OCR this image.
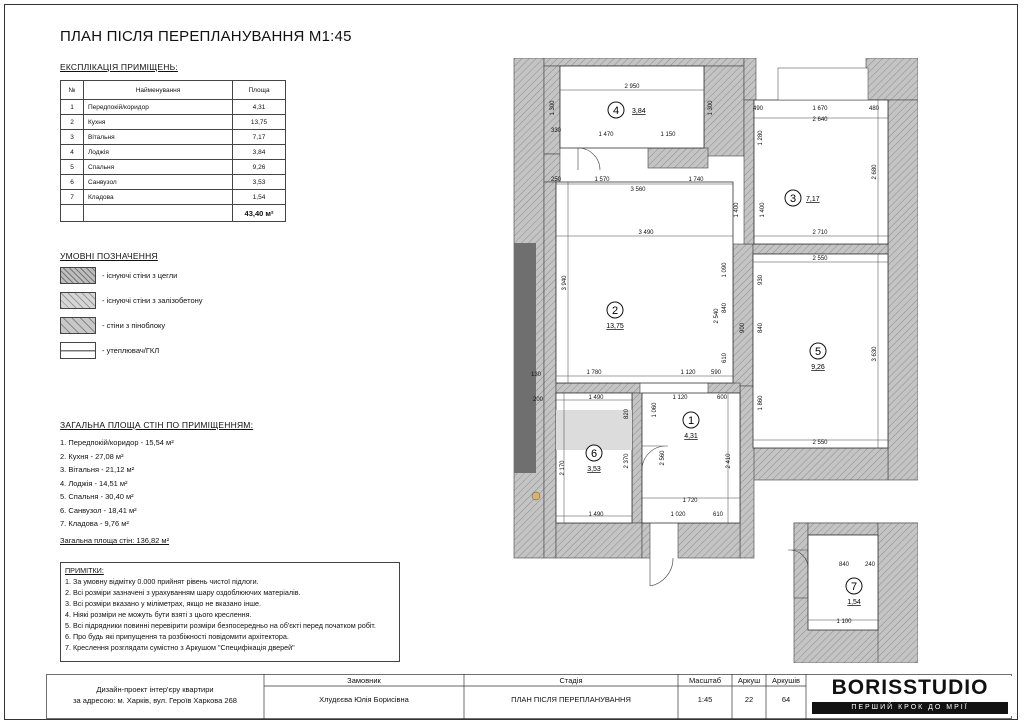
ПЛАН ПІСЛЯ ПЕРЕПЛАНУВАННЯ М1:45
ЕКСПЛІКАЦІЯ ПРИМІЩЕНЬ:
№	Найменування	Площа
1	Передпокій/коридор	4,31
2	Кухня	13,75
3	Вітальня	7,17
4	Лоджія	3,84
5	Спальня	9,26
6	Санвузол	3,53
7	Кладова	1,54
		43,40 м²
УМОВНІ ПОЗНАЧЕННЯ
- існуючі стіни з цегли
- існуючі стіни з залізобетону
- стіни з піноблоку
- утеплювач/ГКЛ
ЗАГАЛЬНА ПЛОЩА СТІН ПО ПРИМІЩЕННЯМ:
1. Передпокій/коридор - 15,54 м²
2. Кухня - 27,08 м²
3. Вітальня - 21,12 м²
4. Лоджія - 14,51 м²
5. Спальня - 30,40 м²
6. Санвузол - 18,41 м²
7. Кладова - 9,76 м²
Загальна площа стін: 136,82 м²
ПРИМІТКИ:
1. За умовну відмітку 0.000 прийнят рівень чистої підлоги.
2. Всі розміри зазначені з урахуванням шару оздоблюючих матеріалів.
3. Всі розміри вказано у міліметрах, якщо не вказано інше.
4. Ніякі розміри не можуть бути взяті з цього креслення.
5. Всі підрядники повинні перевірити розміри безпосередньо на об'єкті перед початком робіт.
6. Про будь які припущення та розбіжності повідомити архітектора.
7. Креслення розглядати сумістно з Аркушом "Специфікація дверей"
2 950
1 300	1 300
330
1 470	1 150
490	1 670	480
2 640
2 680
1 280
1 400	1 400
250	1 570	1 740
3 560
3 490	2 710
3 940
1 090
2 540
840
900
610
1 780	1 120	590
130
2 550
930
840
3 630
1 860
2 550
200	1 490	1 120	600
2 170
820	1 060
2 370	2 410
2 560
1 490
1 720
1 020	610
840	240
1 100
4 3,84
3 7,17
2
13,75
5
9,26
1
4,31
6
3,53
7
1,54
Дизайн-проект інтер'єру квартири
за адресою: м. Харків, вул. Героїв Харкова 268
Замовник
Хлудєєва Юлія Борисівна
Стадія
ПЛАН ПІСЛЯ ПЕРЕПЛАНУВАННЯ
Масштаб
1:45
Аркуш
22
Аркушів
64
BORISSTUDIO
ПЕРШИЙ КРОК ДО МРІЇ
